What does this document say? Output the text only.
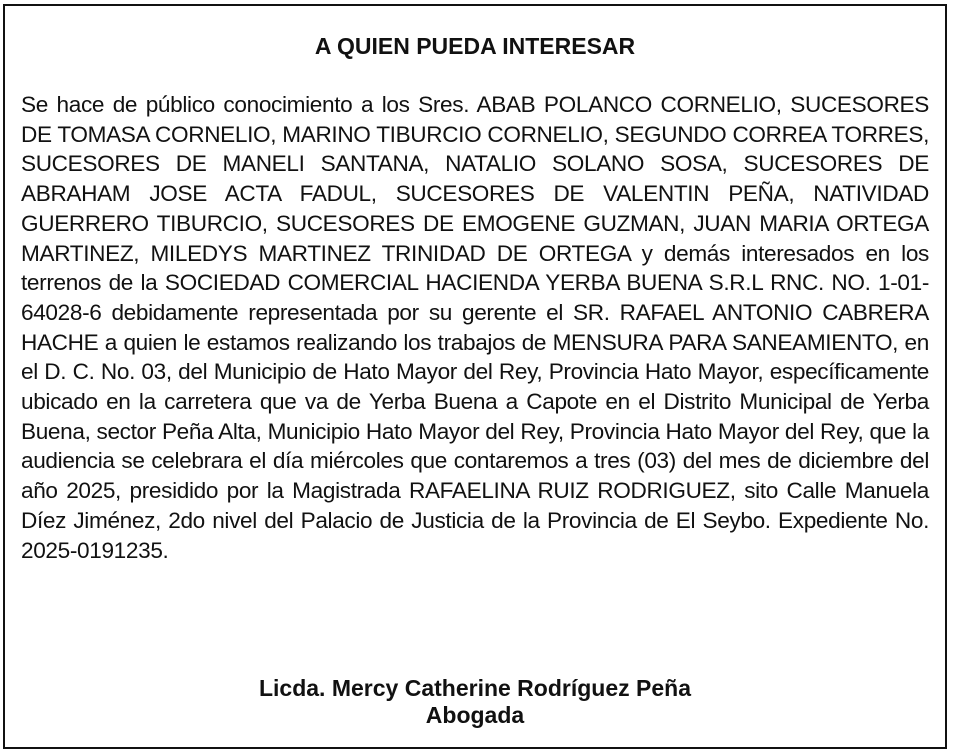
A QUIEN PUEDA INTERESAR

Se hace de público conocimiento a los Sres. ABAB POLANCO CORNELIO, SUCESORES DE TOMASA CORNELIO, MARINO TIBURCIO CORNELIO, SEGUNDO CORREA TORRES, SUCESORES DE MANELI SANTANA, NATALIO SOLANO SOSA, SUCESORES DE ABRAHAM JOSE ACTA FADUL, SUCESORES DE VALENTIN PEÑA, NATIVIDAD GUERRERO TIBURCIO, SUCESORES DE EMOGENE GUZMAN, JUAN MARIA ORTEGA MARTINEZ, MILEDYS MARTINEZ TRINIDAD DE ORTEGA y demás interesados en los terrenos de la SOCIEDAD COMERCIAL HACIENDA YERBA BUENA S.R.L RNC. NO. 1-01-64028-6 debidamente representada por su gerente el SR. RAFAEL ANTONIO CABRERA HACHE a quien le estamos realizando los trabajos de MENSURA PARA SANEAMIENTO, en el D. C. No. 03, del Municipio de Hato Mayor del Rey, Provincia Hato Mayor, específicamente ubicado en la carretera que va de Yerba Buena a Capote en el Distrito Municipal de Yerba Buena, sector Peña Alta, Municipio Hato Mayor del Rey, Provincia Hato Mayor del Rey, que la audiencia se celebrara el día miércoles que contaremos a tres (03) del mes de diciembre del año 2025, presidido por la Magistrada RAFAELINA RUIZ RODRIGUEZ, sito Calle Manuela Díez Jiménez, 2do nivel del Palacio de Justicia de la Provincia de El Seybo. Expediente No. 2025-0191235.

Licda. Mercy Catherine Rodríguez Peña
Abogada
